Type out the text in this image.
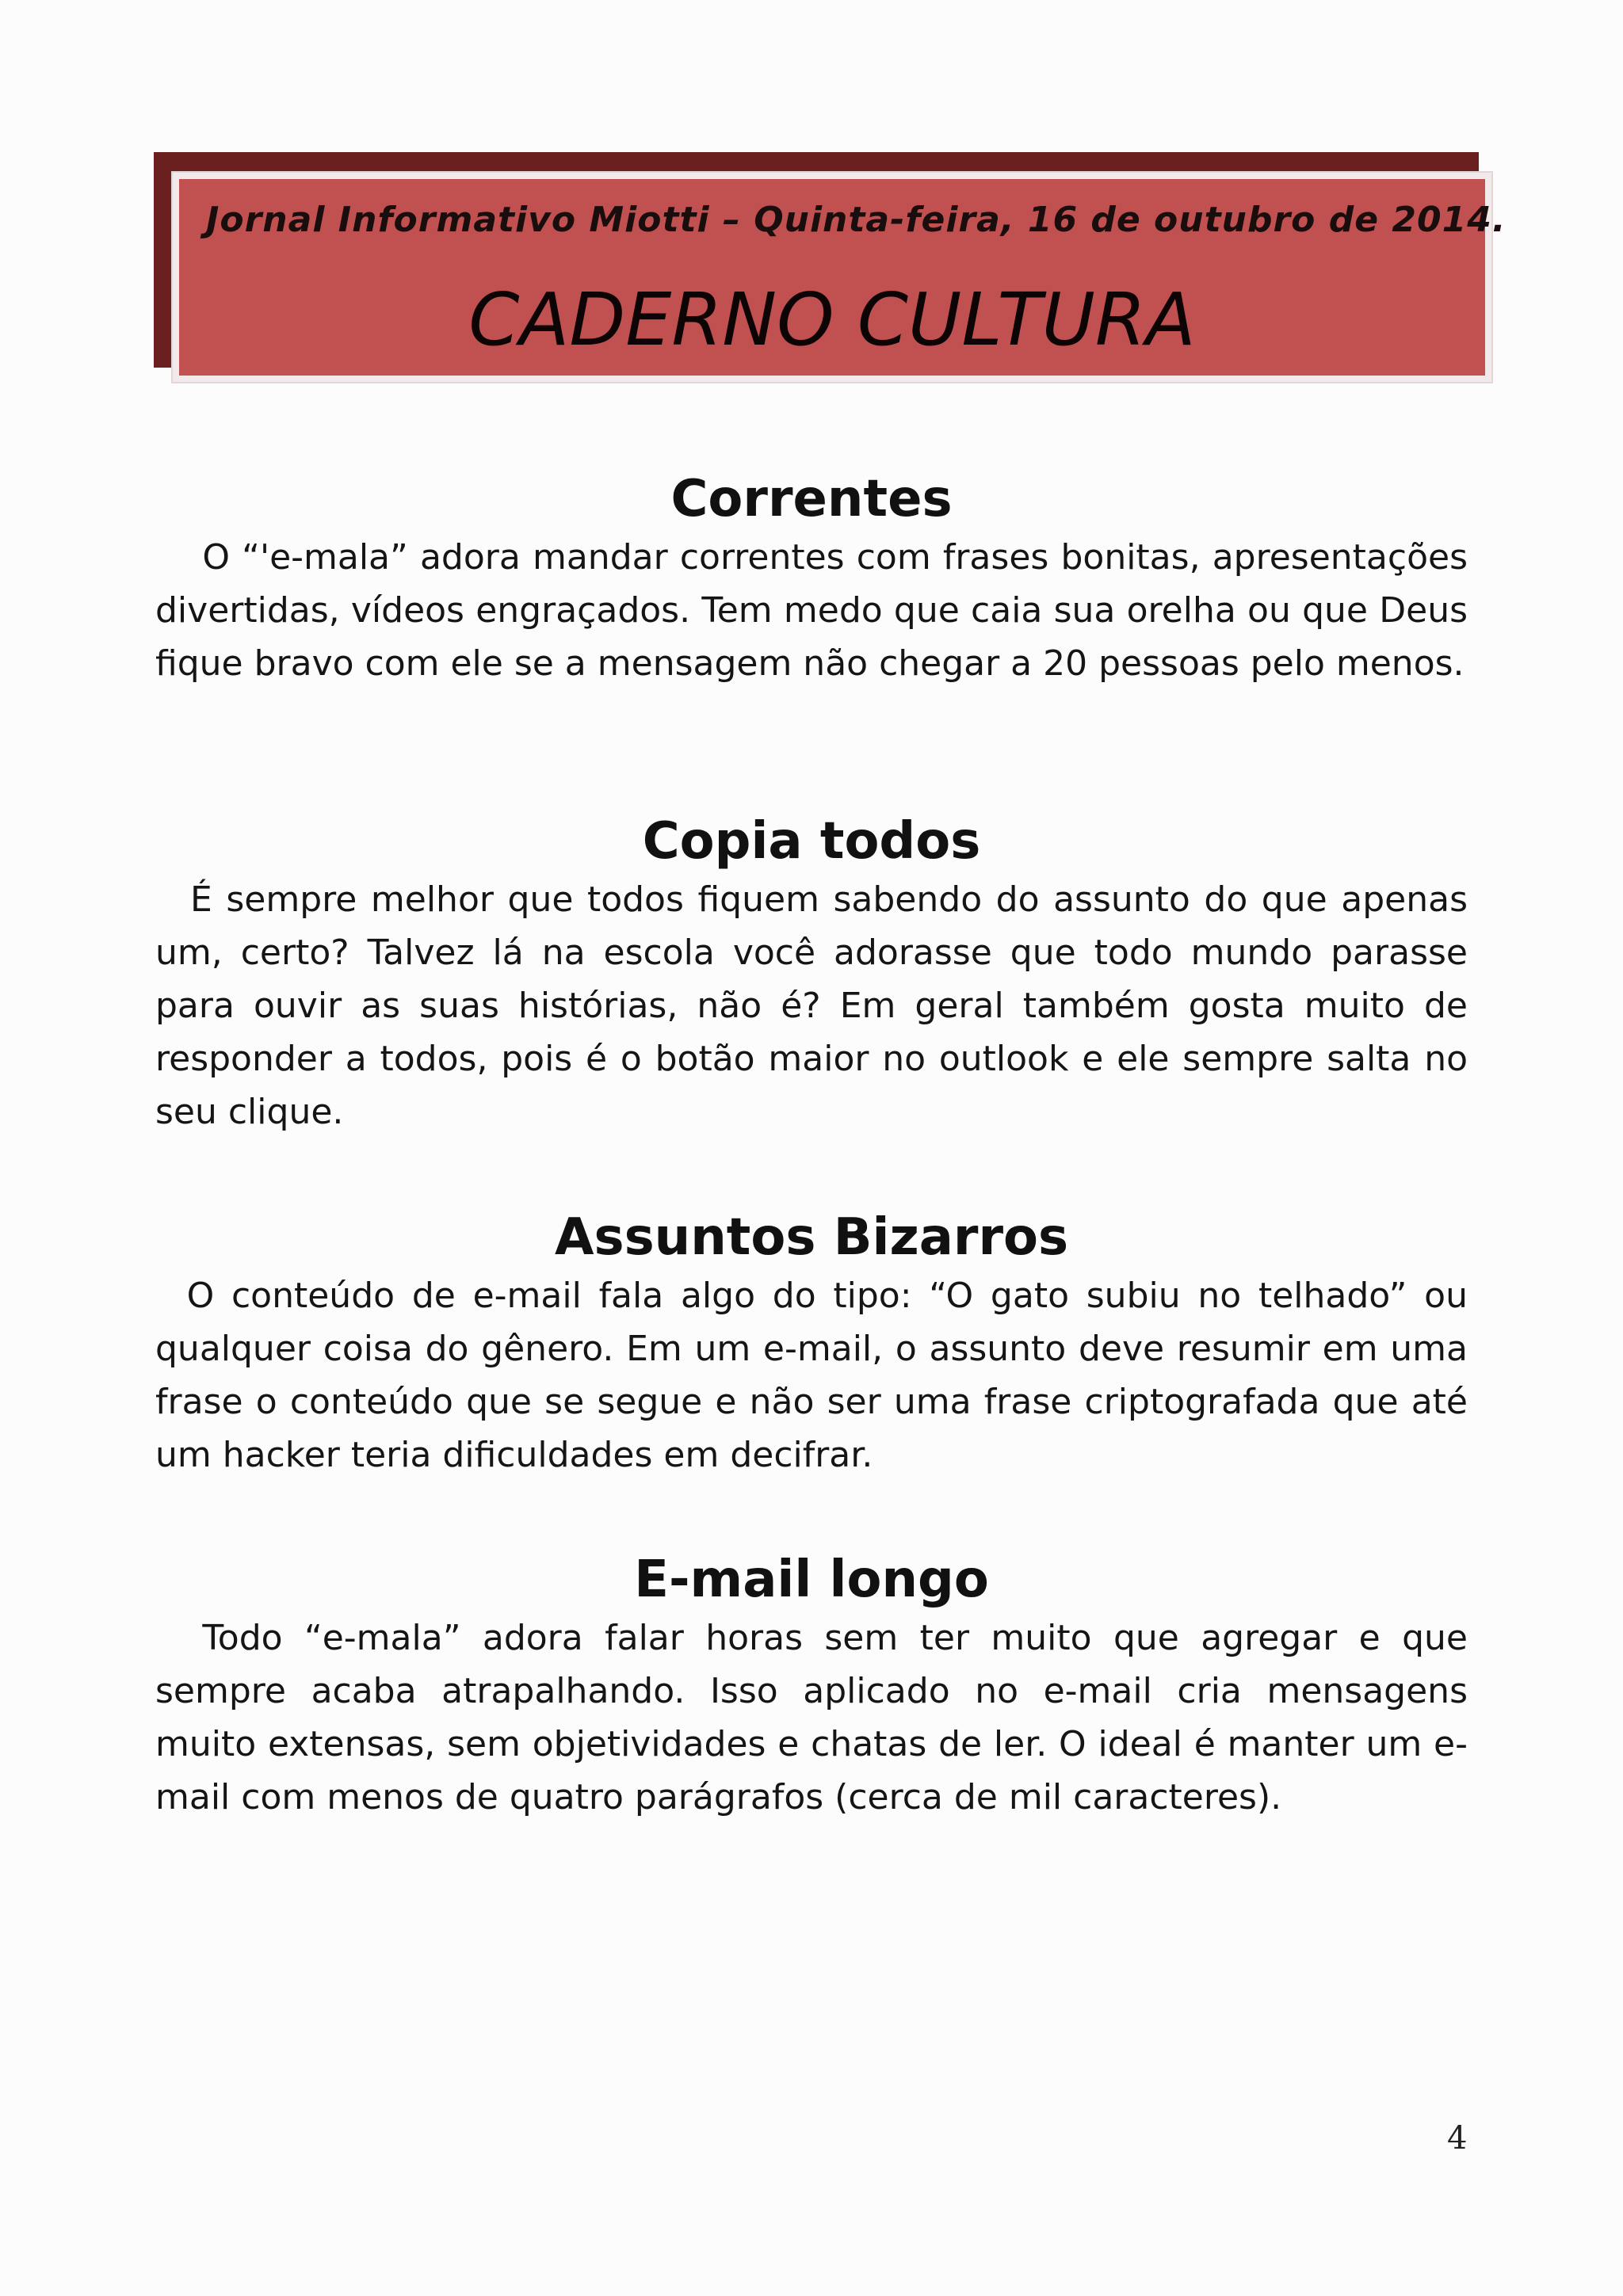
Jornal Informativo Miotti – Quinta-feira, 16 de outubro de 2014.
CADERNO CULTURA
Correntes

O “'e-mala” adora mandar correntes com frases bonitas, apresentações divertidas, vídeos engraçados. Tem medo que caia sua orelha ou que Deus fique bravo com ele se a mensagem não chegar a 20 pessoas pelo menos.

Copia todos

É sempre melhor que todos fiquem sabendo do assunto do que apenas um, certo? Talvez lá na escola você adorasse que todo mundo parasse para ouvir as suas histórias, não é? Em geral também gosta muito de responder a todos, pois é o botão maior no outlook e ele sempre salta no seu clique.

Assuntos Bizarros

O conteúdo de e-mail fala algo do tipo: “O gato subiu no telhado” ou qualquer coisa do gênero. Em um e-mail, o assunto deve resumir em uma frase o conteúdo que se segue e não ser uma frase criptografada que até um hacker teria dificuldades em decifrar.

E-mail longo

Todo “e-mala” adora falar horas sem ter muito que agregar e que sempre acaba atrapalhando. Isso aplicado no e-mail cria mensagens muito extensas, sem objetividades e chatas de ler. O ideal é manter um e-mail com menos de quatro parágrafos (cerca de mil caracteres).

4
